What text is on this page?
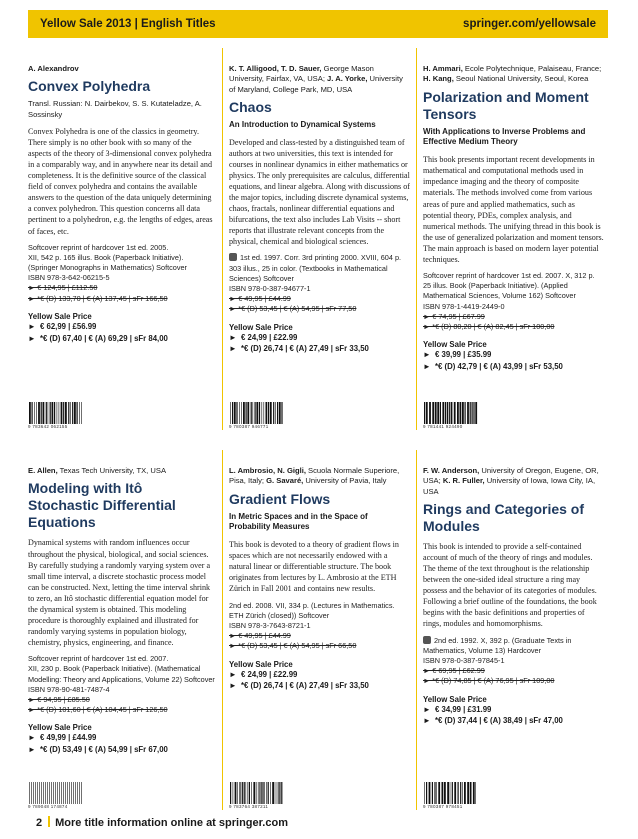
Yellow Sale 2013 | English Titles	springer.com/yellowsale
A. Alexandrov
Convex Polyhedra
Transl. Russian: N. Dairbekov, S. S. Kutateladze, A. Sossinsky
Convex Polyhedra is one of the classics in geometry. There simply is no other book with so many of the aspects of the theory of 3-dimensional convex polyhedra in a comparably way, and in anywhere near its detail and completeness. It is the definitive source of the classical field of convex polyhedra and contains the available answers to the question of the data uniquely determining a convex polyhedron. This question concerns all data pertinent to a polyhedron, e.g. the lengths of edges, areas of faces, etc.
Softcover reprint of hardcover 1st ed. 2005.
XII, 542 p. 165 illus. Book (Paperback Initiative).
(Springer Monographs in Mathematics) Softcover
ISBN 978-3-642-06215-5
► € 124,95 | £112.50
► *€ (D) 133,70 | € (A) 137,45 | sFr 166,50
Yellow Sale Price
► € 62,99 | £56.99
► *€ (D) 67,40 | € (A) 69,29 | sFr 84,00
9 783642 062155
K. T. Alligood, T. D. Sauer, George Mason University, Fairfax, VA, USA; J. A. Yorke, University of Maryland, College Park, MD, USA
Chaos
An Introduction to Dynamical Systems
Developed and class-tested by a distinguished team of authors at two universities, this text is intended for courses in nonlinear dynamics in either mathematics or physics. The only prerequisites are calculus, differential equations, and linear algebra. Along with discussions of the major topics, including discrete dynamical systems, chaos, fractals, nonlinear differential equations and bifurcations, the text also includes Lab Visits -- short reports that illustrate relevant concepts from the physical, chemical and biological sciences.
1st ed. 1997. Corr. 3rd printing 2000. XVIII, 604 p. 303 illus., 25 in color. (Textbooks in Mathematical Sciences) Softcover

ISBN 978-0-387-94677-1
► € 49,95 | £44.99
► *€ (D) 53,45 | € (A) 54,95 | sFr 77,50
Yellow Sale Price
► € 24,99 | £22.99
► *€ (D) 26,74 | € (A) 27,49 | sFr 33,50
9 780387 946771
H. Ammari, Ecole Polytechnique, Palaiseau, France; H. Kang, Seoul National University, Seoul, Korea
Polarization and Moment Tensors
With Applications to Inverse Problems and Effective Medium Theory
This book presents important recent developments in mathematical and computational methods used in impedance imaging and the theory of composite materials. The methods involved come from various areas of pure and applied mathematics, such as potential theory, PDEs, complex analysis, and numerical methods. The unifying thread in this book is the use of generalized polarization and moment tensors. The main approach is based on modern layer potential techniques.
Softcover reprint of hardcover 1st ed. 2007. X, 312 p. 25 illus. Book (Paperback Initiative). (Applied Mathematical Sciences, Volume 162) Softcover
ISBN 978-1-4419-2449-0
► € 74,95 | £67.99
► *€ (D) 80,20 | € (A) 82,45 | sFr 100,00
Yellow Sale Price
► € 39,99 | £35.99
► *€ (D) 42,79 | € (A) 43,99 | sFr 53,50
9 781441 924490
E. Allen, Texas Tech University, TX, USA
Modeling with Itô Stochastic Differential Equations
Dynamical systems with random influences occur throughout the physical, biological, and social sciences. By carefully studying a randomly varying system over a small time interval, a discrete stochastic process model can be constructed. Next, letting the time interval shrink to zero, an Itô stochastic differential equation model for the dynamical system is obtained. This modeling procedure is thoroughly explained and illustrated for randomly varying systems in population biology, chemistry, physics, engineering, and finance.
Softcover reprint of hardcover 1st ed. 2007.
XII, 230 p. Book (Paperback Initiative). (Mathematical Modelling: Theory and Applications, Volume 22) Softcover
ISBN 978-90-481-7487-4
► € 94,95 | £85.50
► *€ (D) 101,60 | € (A) 104,45 | sFr 126,50
Yellow Sale Price
► € 49,99 | £44.99
► *€ (D) 53,49 | € (A) 54,99 | sFr 67,00
9 789048 174874
L. Ambrosio, N. Gigli, Scuola Normale Superiore, Pisa, Italy; G. Savaré, University of Pavia, Italy
Gradient Flows
In Metric Spaces and in the Space of Probability Measures
This book is devoted to a theory of gradient flows in spaces which are not necessarily endowed with a natural linear or differentiable structure. The book originates from lectures by L. Ambrosio at the ETH Zürich in Fall 2001 and contains new results.
2nd ed. 2008. VII, 334 p. (Lectures in Mathematics. ETH Zürich (closed)) Softcover
ISBN 978-3-7643-8721-1
► € 49,95 | £44.99
► *€ (D) 53,45 | € (A) 54,95 | sFr 66,50
Yellow Sale Price
► € 24,99 | £22.99
► *€ (D) 26,74 | € (A) 27,49 | sFr 33,50
9 783764 387211
F. W. Anderson, University of Oregon, Eugene, OR, USA; K. R. Fuller, University of Iowa, Iowa City, IA, USA
Rings and Categories of Modules
This book is intended to provide a self-contained account of much of the theory of rings and modules. The theme of the text throughout is the relationship between the one-sided ideal structure a ring may possess and the behavior of its categories of modules. Following a brief outline of the foundations, the book begins with the basic definitions and properties of rings, modules and homomorphisms.
2nd ed. 1992. X, 392 p. (Graduate Texts in Mathematics, Volume 13) Hardcover

ISBN 978-0-387-97845-1
► € 69,95 | £62.99
► *€ (D) 74,85 | € (A) 76,95 | sFr 109,00
Yellow Sale Price
► € 34,99 | £31.99
► *€ (D) 37,44 | € (A) 38,49 | sFr 47,00
9 780387 978451
2 More title information online at springer.com
